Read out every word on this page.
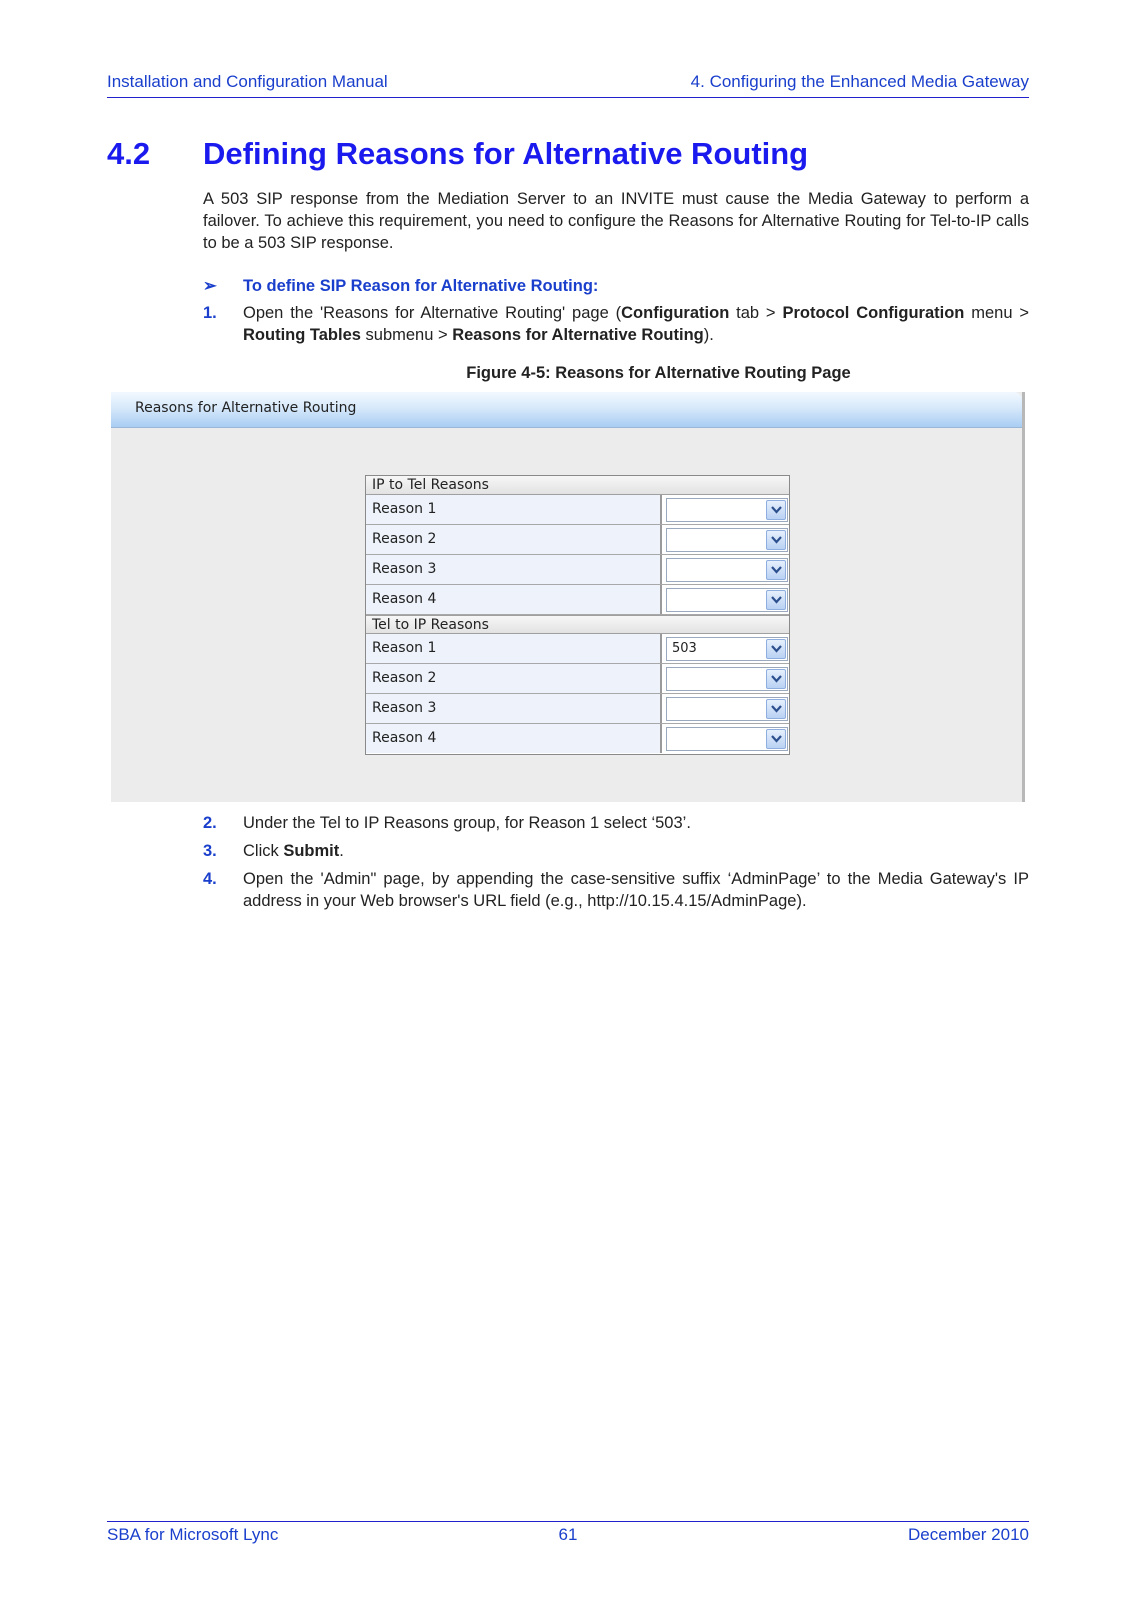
Installation and Configuration Manual	4. Configuring the Enhanced Media Gateway
4.2 Defining Reasons for Alternative Routing

A 503 SIP response from the Mediation Server to an INVITE must cause the Media Gateway to perform a failover. To achieve this requirement, you need to configure the Reasons for Alternative Routing for Tel-to-IP calls to be a 503 SIP response.

➢ To define SIP Reason for Alternative Routing:
1. Open the 'Reasons for Alternative Routing' page (Configuration tab > Protocol Configuration menu > Routing Tables submenu > Reasons for Alternative Routing).
Figure 4-5: Reasons for Alternative Routing Page
Reasons for Alternative Routing
IP to Tel Reasons
Reason 1
Reason 2
Reason 3
Reason 4
Tel to IP Reasons
Reason 1	503
Reason 2
Reason 3
Reason 4
2. Under the Tel to IP Reasons group, for Reason 1 select ‘503’.
3. Click Submit.
4. Open the 'Admin" page, by appending the case-sensitive suffix ‘AdminPage’ to the Media Gateway's IP address in your Web browser's URL field (e.g., http://10.15.4.15/AdminPage).
SBA for Microsoft Lync	61	December 2010
